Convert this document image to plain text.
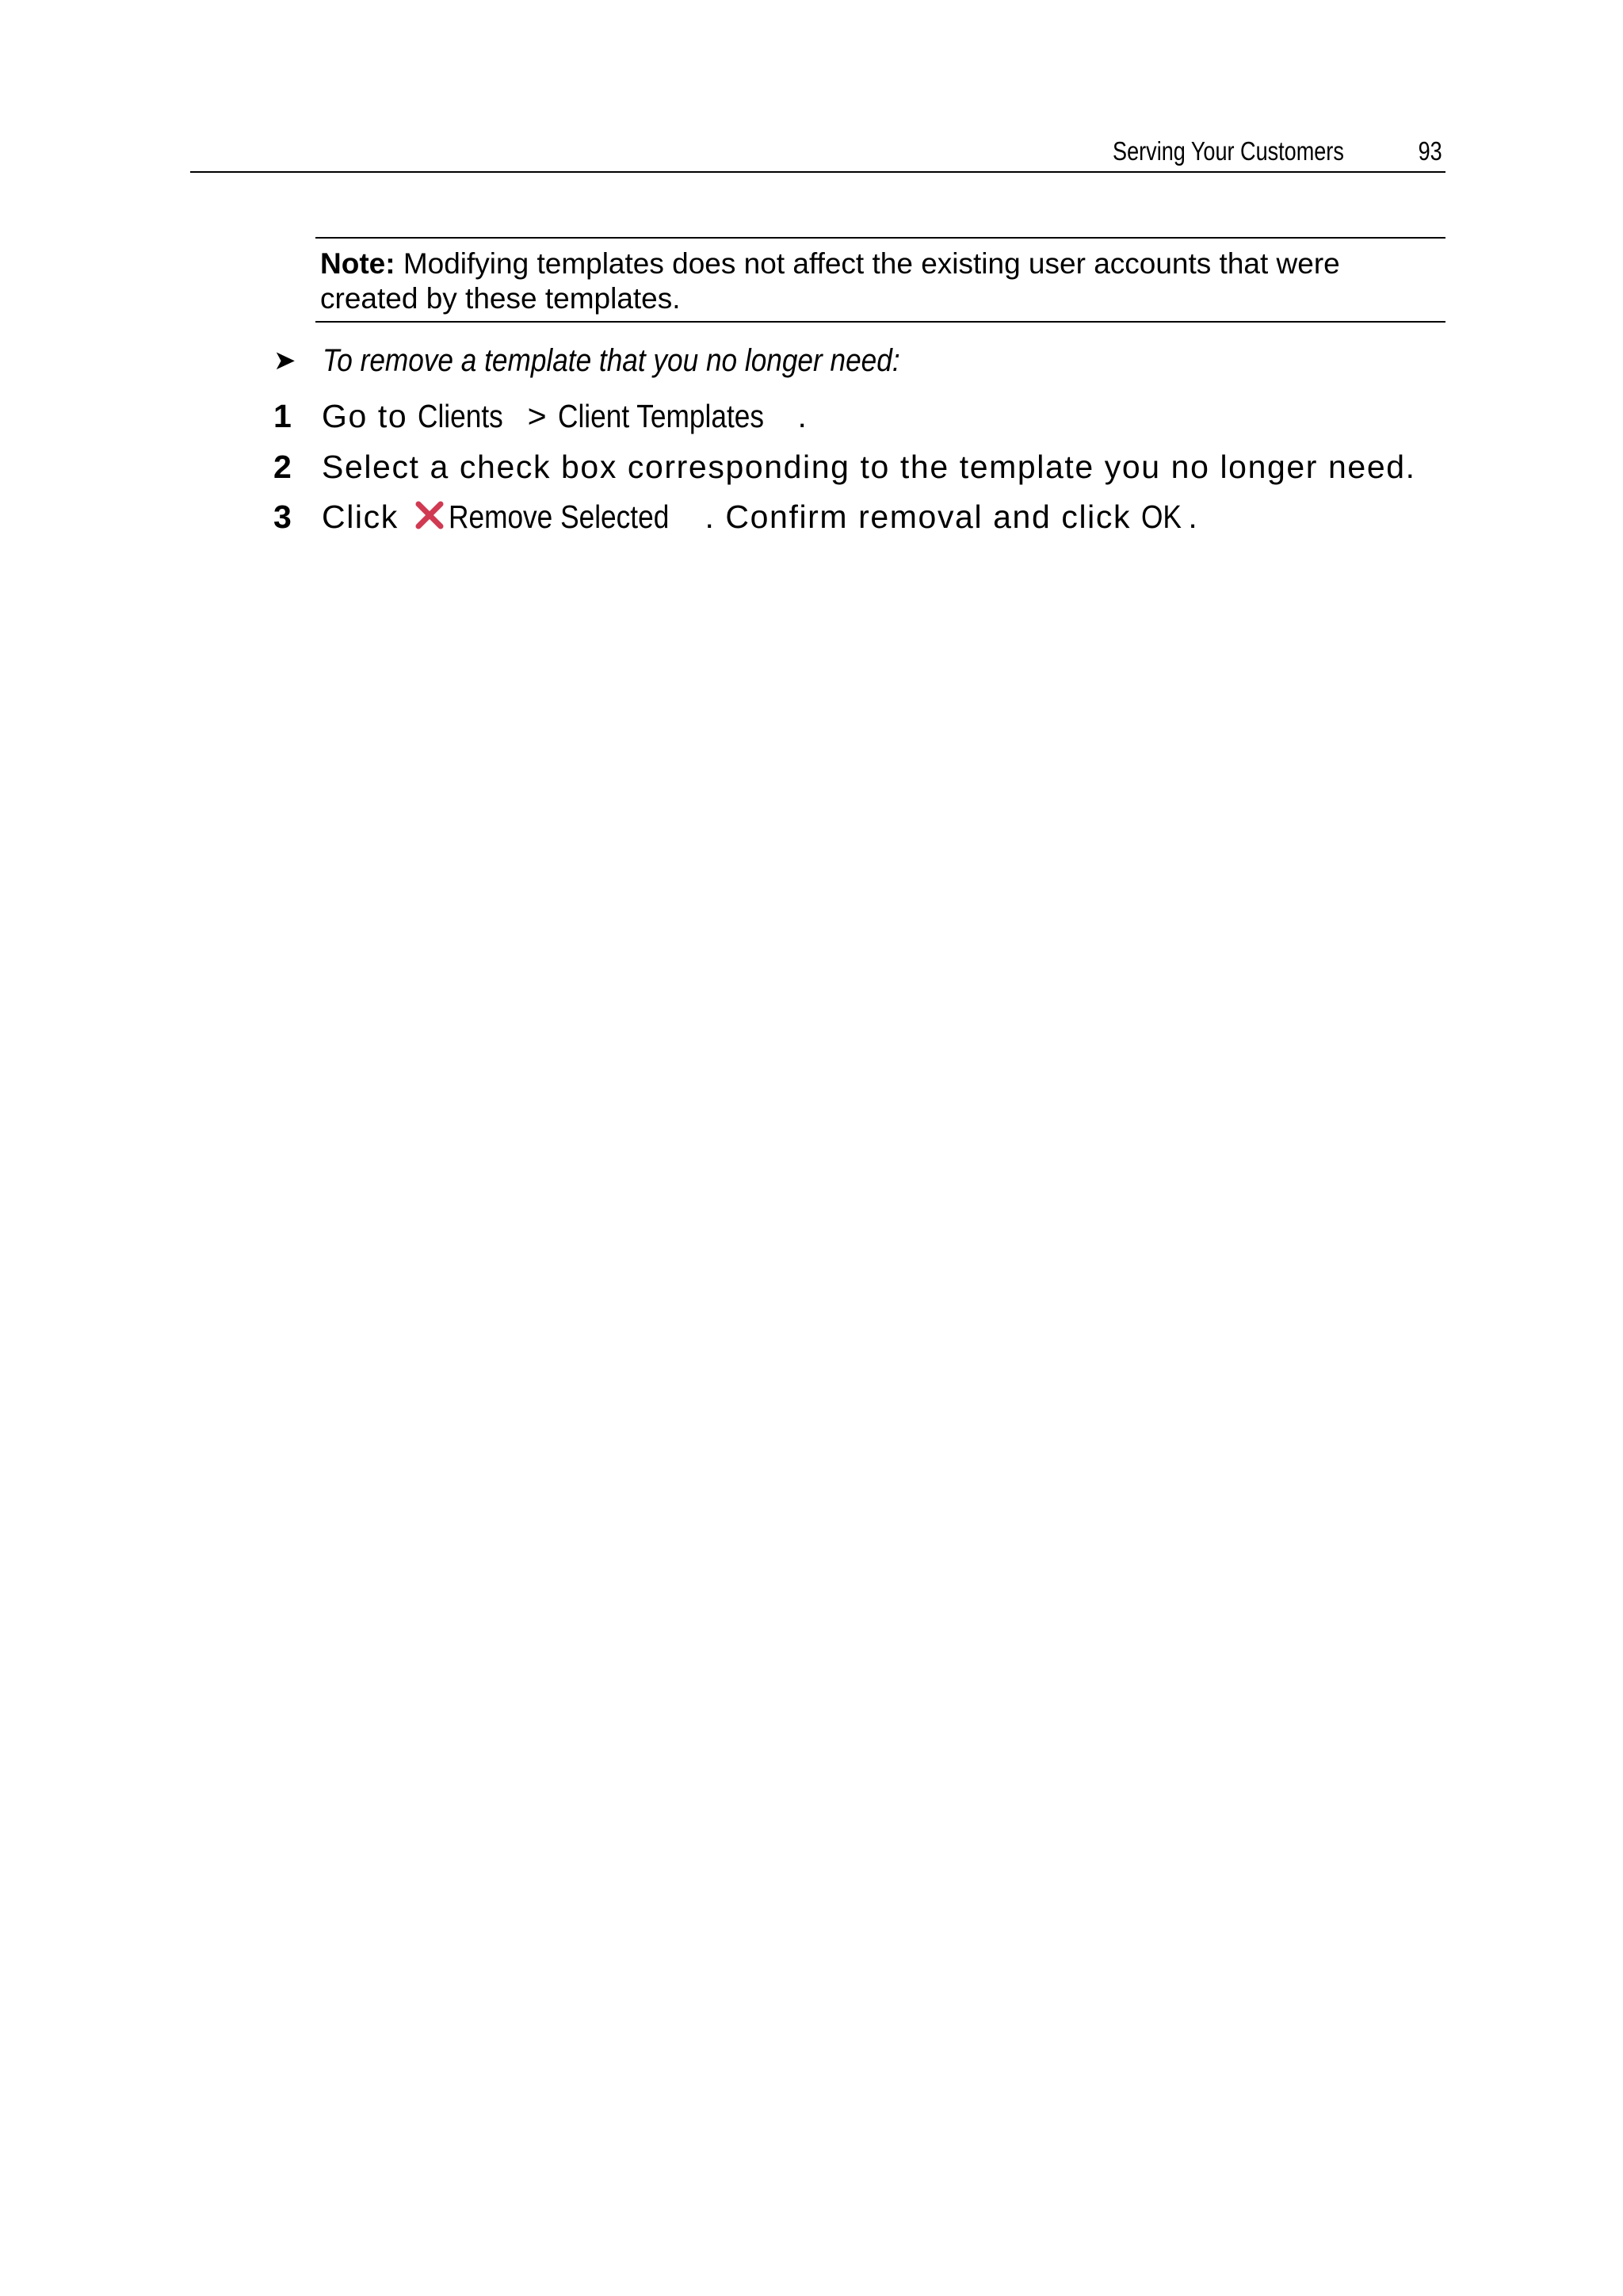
Serving Your Customers	93
Note: Modifying templates does not affect the existing user accounts that were created by these templates.
➤ To remove a template that you no longer need:
1 Go to Clients > Client Templates .
2 Select a check box corresponding to the template you no longer need.
3 Click Remove Selected . Confirm removal and click OK .
